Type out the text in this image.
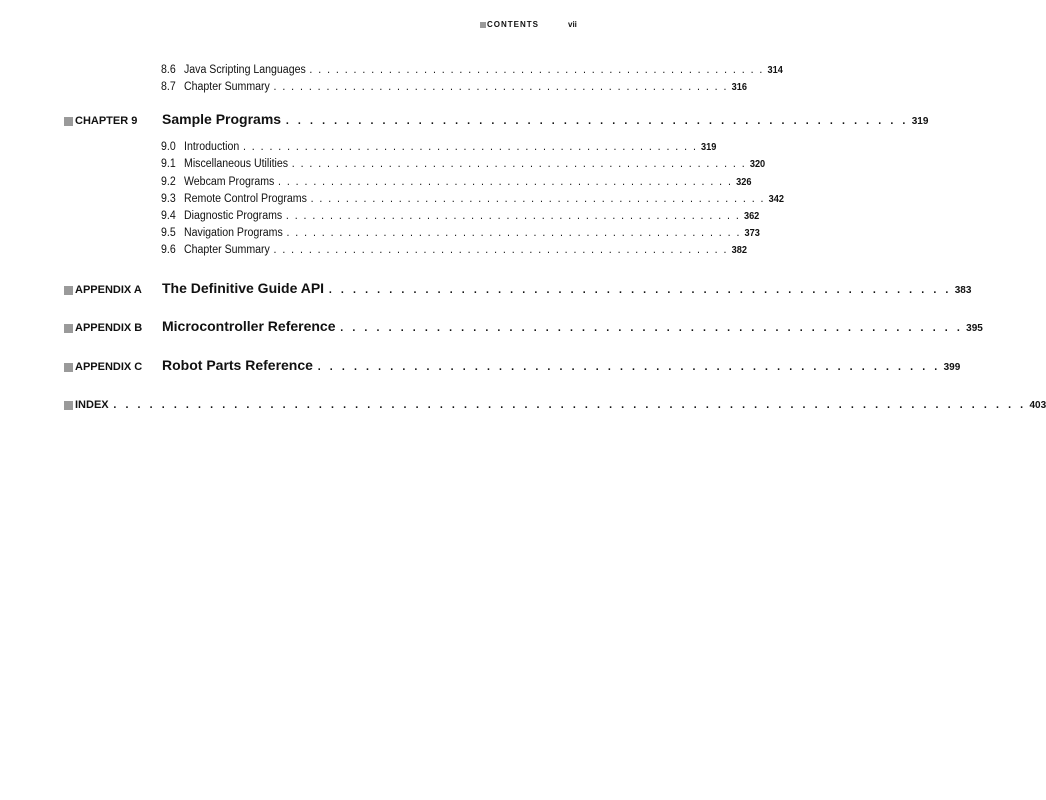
CONTENTS	vii
8.6 Java Scripting Languages . . . . . . . . . . . . . . . . . . . . . . . . . . . . . . . . . . . . . . . . . . . . . . . . . . . . 314
8.7 Chapter Summary . . . . . . . . . . . . . . . . . . . . . . . . . . . . . . . . . . . . . . . . . . . . . . . . . . . . 316
CHAPTER 9	Sample Programs . . . . . . . . . . . . . . . . . . . . . . . . . . . . . . . . . . . . . . . . . . . . . . . . . . . . 319
9.0 Introduction . . . . . . . . . . . . . . . . . . . . . . . . . . . . . . . . . . . . . . . . . . . . . . . . . . . . 319
9.1 Miscellaneous Utilities . . . . . . . . . . . . . . . . . . . . . . . . . . . . . . . . . . . . . . . . . . . . . . . . . . . . 320
9.2 Webcam Programs . . . . . . . . . . . . . . . . . . . . . . . . . . . . . . . . . . . . . . . . . . . . . . . . . . . . 326
9.3 Remote Control Programs . . . . . . . . . . . . . . . . . . . . . . . . . . . . . . . . . . . . . . . . . . . . . . . . . . . . 342
9.4 Diagnostic Programs . . . . . . . . . . . . . . . . . . . . . . . . . . . . . . . . . . . . . . . . . . . . . . . . . . . . 362
9.5 Navigation Programs . . . . . . . . . . . . . . . . . . . . . . . . . . . . . . . . . . . . . . . . . . . . . . . . . . . . 373
9.6 Chapter Summary . . . . . . . . . . . . . . . . . . . . . . . . . . . . . . . . . . . . . . . . . . . . . . . . . . . . 382
APPENDIX A	The Definitive Guide API . . . . . . . . . . . . . . . . . . . . . . . . . . . . . . . . . . . . . . . . . . . . . . . . . . . . 383
APPENDIX B	Microcontroller Reference . . . . . . . . . . . . . . . . . . . . . . . . . . . . . . . . . . . . . . . . . . . . . . . . . . . . 395
APPENDIX C	Robot Parts Reference . . . . . . . . . . . . . . . . . . . . . . . . . . . . . . . . . . . . . . . . . . . . . . . . . . . . 399
INDEX . . . . . . . . . . . . . . . . . . . . . . . . . . . . . . . . . . . . . . . . . . . . . . . . . . . . . . . . . . . . . . . . . . . . . . . . . . . . 403
